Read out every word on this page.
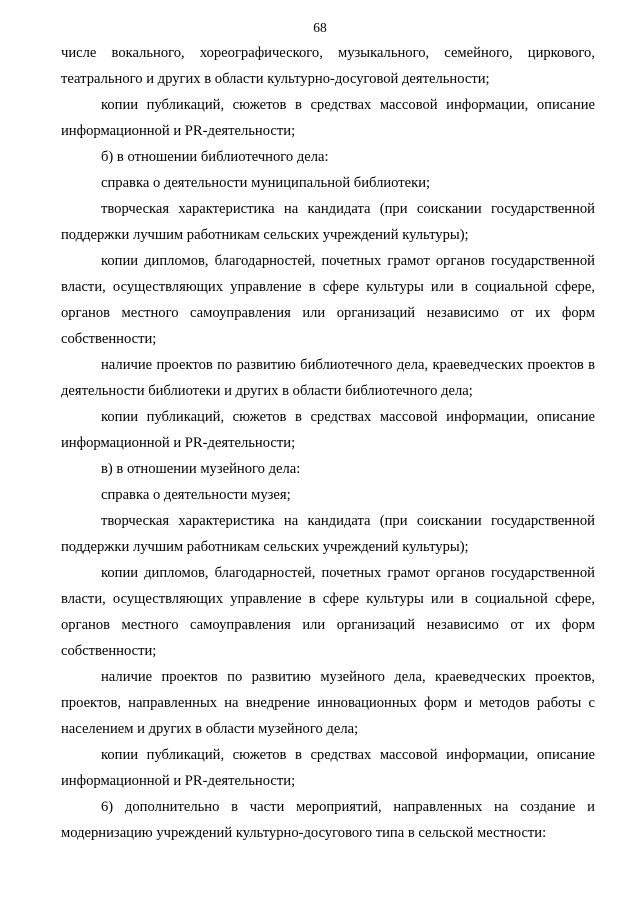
68

числе вокального, хореографического, музыкального, семейного, циркового, театрального и других в области культурно-досуговой деятельности;

копии публикаций, сюжетов в средствах массовой информации, описание информационной и PR-деятельности;

б) в отношении библиотечного дела:

справка о деятельности муниципальной библиотеки;

творческая характеристика на кандидата (при соискании государственной поддержки лучшим работникам сельских учреждений культуры);

копии дипломов, благодарностей, почетных грамот органов государственной власти, осуществляющих управление в сфере культуры или в социальной сфере, органов местного самоуправления или организаций независимо от их форм собственности;

наличие проектов по развитию библиотечного дела, краеведческих проектов в деятельности библиотеки и других в области библиотечного дела;

копии публикаций, сюжетов в средствах массовой информации, описание информационной и PR-деятельности;

в) в отношении музейного дела:

справка о деятельности музея;

творческая характеристика на кандидата (при соискании государственной поддержки лучшим работникам сельских учреждений культуры);

копии дипломов, благодарностей, почетных грамот органов государственной власти, осуществляющих управление в сфере культуры или в социальной сфере, органов местного самоуправления или организаций независимо от их форм собственности;

наличие проектов по развитию музейного дела, краеведческих проектов, проектов, направленных на внедрение инновационных форм и методов работы с населением и других в области музейного дела;

копии публикаций, сюжетов в средствах массовой информации, описание информационной и PR-деятельности;

6) дополнительно в части мероприятий, направленных на создание и модернизацию учреждений культурно-досугового типа в сельской местности:
